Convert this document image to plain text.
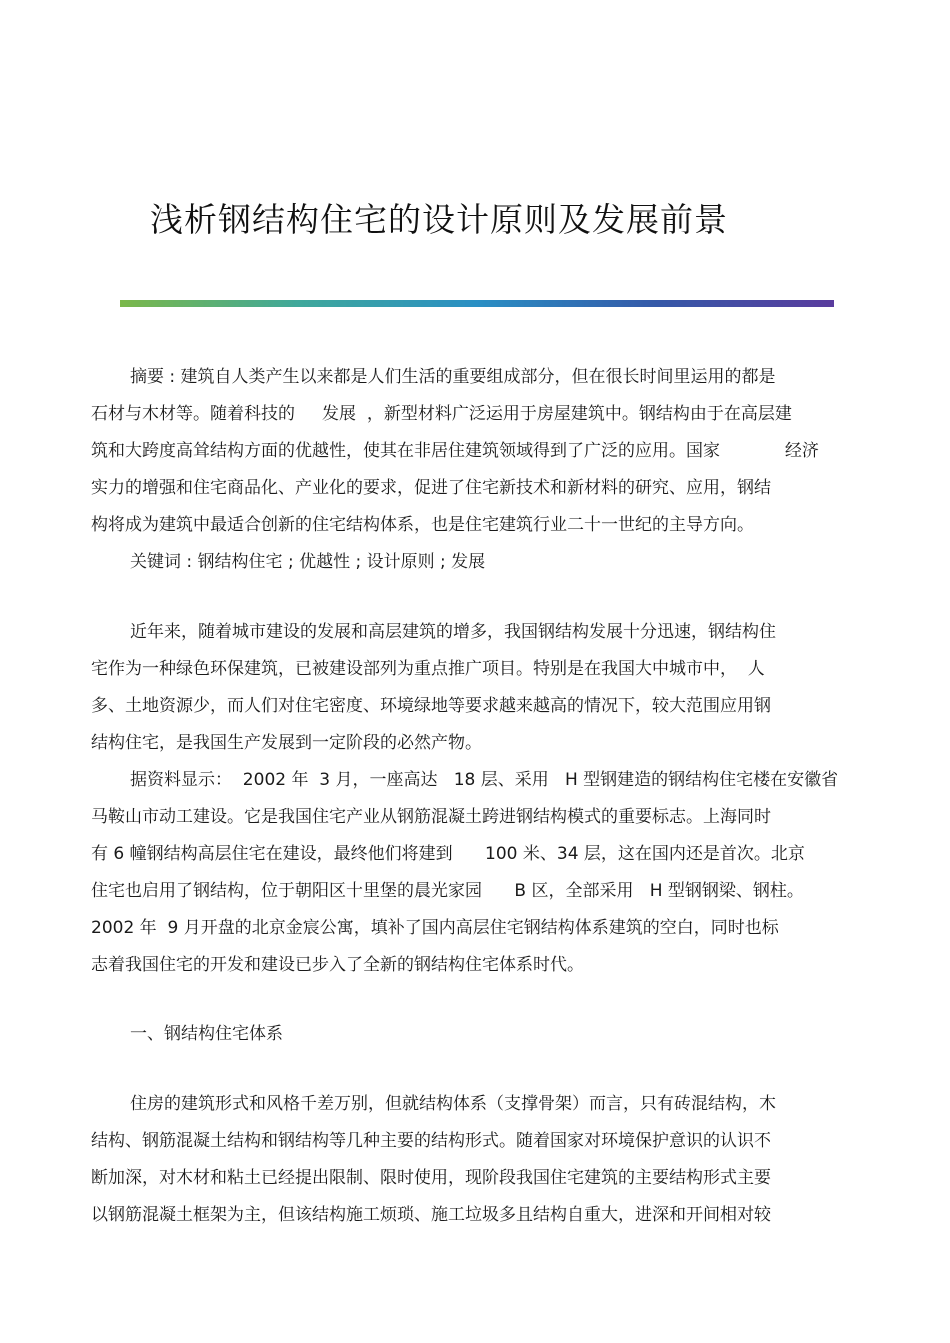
浅析钢结构住宅的设计原则及发展前景

摘要 : 建筑自人类产生以来都是人们生活的重要组成部分，但在很长时间里运用的都是

石材与木材等。随着科技的     发展  ，新型材料广泛运用于房屋建筑中。钢结构由于在高层建

筑和大跨度高耸结构方面的优越性，使其在非居住建筑领域得到了广泛的应用。国家            经济

实力的增强和住宅商品化、产业化的要求，促进了住宅新技术和新材料的研究、应用，钢结

构将成为建筑中最适合创新的住宅结构体系，也是住宅建筑行业二十一世纪的主导方向。

关键词 : 钢结构住宅 ; 优越性 ; 设计原则 ; 发展

近年来，随着城市建设的发展和高层建筑的增多，我国钢结构发展十分迅速，钢结构住

宅作为一种绿色环保建筑，已被建设部列为重点推广项目。特别是在我国大中城市中，  人

多、土地资源少，而人们对住宅密度、环境绿地等要求越来越高的情况下，较大范围应用钢

结构住宅，是我国生产发展到一定阶段的必然产物。

据资料显示：  2002 年  3 月，一座高达   18 层、采用   H 型钢建造的钢结构住宅楼在安徽省

马鞍山市动工建设。它是我国住宅产业从钢筋混凝土跨进钢结构模式的重要标志。上海同时

有 6 幢钢结构高层住宅在建设，最终他们将建到      100 米、34 层，这在国内还是首次。北京

住宅也启用了钢结构，位于朝阳区十里堡的晨光家园      B 区，全部采用   H 型钢钢梁、钢柱。

2002 年  9 月开盘的北京金宸公寓，填补了国内高层住宅钢结构体系建筑的空白，同时也标

志着我国住宅的开发和建设已步入了全新的钢结构住宅体系时代。

一、钢结构住宅体系

住房的建筑形式和风格千差万别，但就结构体系（支撑骨架）而言，只有砖混结构，木

结构、钢筋混凝土结构和钢结构等几种主要的结构形式。随着国家对环境保护意识的认识不

断加深，对木材和粘土已经提出限制、限时使用，现阶段我国住宅建筑的主要结构形式主要

以钢筋混凝土框架为主，但该结构施工烦琐、施工垃圾多且结构自重大，进深和开间相对较
